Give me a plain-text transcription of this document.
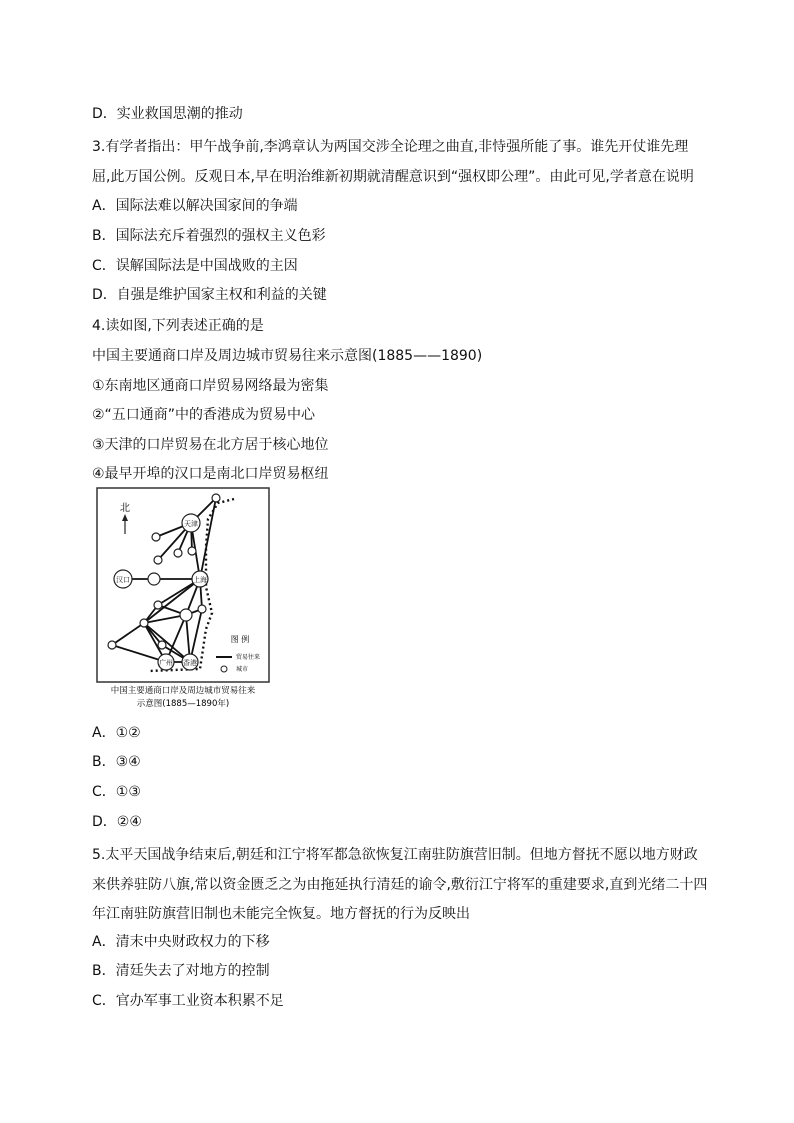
D．实业救国思潮的推动
3.有学者指出：甲午战争前,李鸿章认为两国交涉全论理之曲直,非恃强所能了事。谁先开仗谁先理
屈,此万国公例。反观日本,早在明治维新初期就清醒意识到“强权即公理”。由此可见,学者意在说明
A．国际法难以解决国家间的争端
B．国际法充斥着强烈的强权主义色彩
C．误解国际法是中国战败的主因
D．自强是维护国家主权和利益的关键
4.读如图,下列表述正确的是
中国主要通商口岸及周边城市贸易往来示意图(1885——1890)
①东南地区通商口岸贸易网络最为密集
②“五口通商”中的香港成为贸易中心
③天津的口岸贸易在北方居于核心地位
④最早开埠的汉口是南北口岸贸易枢纽
北
天津
汉口	上海
广州 香港
图 例
贸易往来
城市
中国主要通商口岸及周边城市贸易往来
示意图(1885—1890年)
A．①②
B．③④
C．①③
D．②④
5.太平天国战争结束后,朝廷和江宁将军都急欲恢复江南驻防旗营旧制。但地方督抚不愿以地方财政
来供养驻防八旗,常以资金匮乏之为由拖延执行清廷的谕令,敷衍江宁将军的重建要求,直到光绪二十四
年江南驻防旗营旧制也未能完全恢复。地方督抚的行为反映出
A．清末中央财政权力的下移
B．清廷失去了对地方的控制
C．官办军事工业资本积累不足
